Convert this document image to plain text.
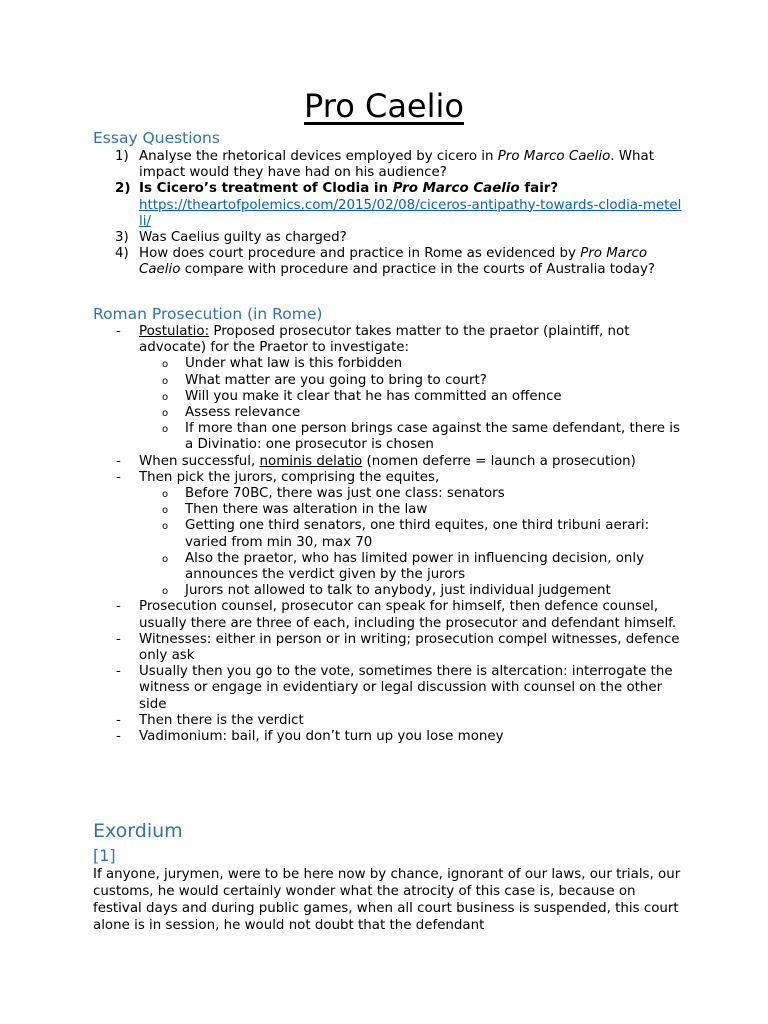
Pro Caelio
Essay Questions
1) Analyse the rhetorical devices employed by cicero in Pro Marco Caelio. What impact would they have had on his audience?
2) Is Cicero’s treatment of Clodia in Pro Marco Caelio fair?
https://theartofpolemics.com/2015/02/08/ciceros-antipathy-towards-clodia-metelli/
3) Was Caelius guilty as charged?
4) How does court procedure and practice in Rome as evidenced by Pro Marco Caelio compare with procedure and practice in the courts of Australia today?
Roman Prosecution (in Rome)
- Postulatio: Proposed prosecutor takes matter to the praetor (plaintiff, not advocate) for the Praetor to investigate:
o Under what law is this forbidden
o What matter are you going to bring to court?
o Will you make it clear that he has committed an offence
o Assess relevance
o If more than one person brings case against the same defendant, there is a Divinatio: one prosecutor is chosen
- When successful, nominis delatio (nomen deferre = launch a prosecution)
- Then pick the jurors, comprising the equites,
o Before 70BC, there was just one class: senators
o Then there was alteration in the law
o Getting one third senators, one third equites, one third tribuni aerari: varied from min 30, max 70
o Also the praetor, who has limited power in influencing decision, only announces the verdict given by the jurors
o Jurors not allowed to talk to anybody, just individual judgement
- Prosecution counsel, prosecutor can speak for himself, then defence counsel, usually there are three of each, including the prosecutor and defendant himself.
- Witnesses: either in person or in writing; prosecution compel witnesses, defence only ask
- Usually then you go to the vote, sometimes there is altercation: interrogate the witness or engage in evidentiary or legal discussion with counsel on the other side
- Then there is the verdict
- Vadimonium: bail, if you don’t turn up you lose money
Exordium
[1]
If anyone, jurymen, were to be here now by chance, ignorant of our laws, our trials, our customs, he would certainly wonder what the atrocity of this case is, because on festival days and during public games, when all court business is suspended, this court alone is in session, he would not doubt that the defendant
